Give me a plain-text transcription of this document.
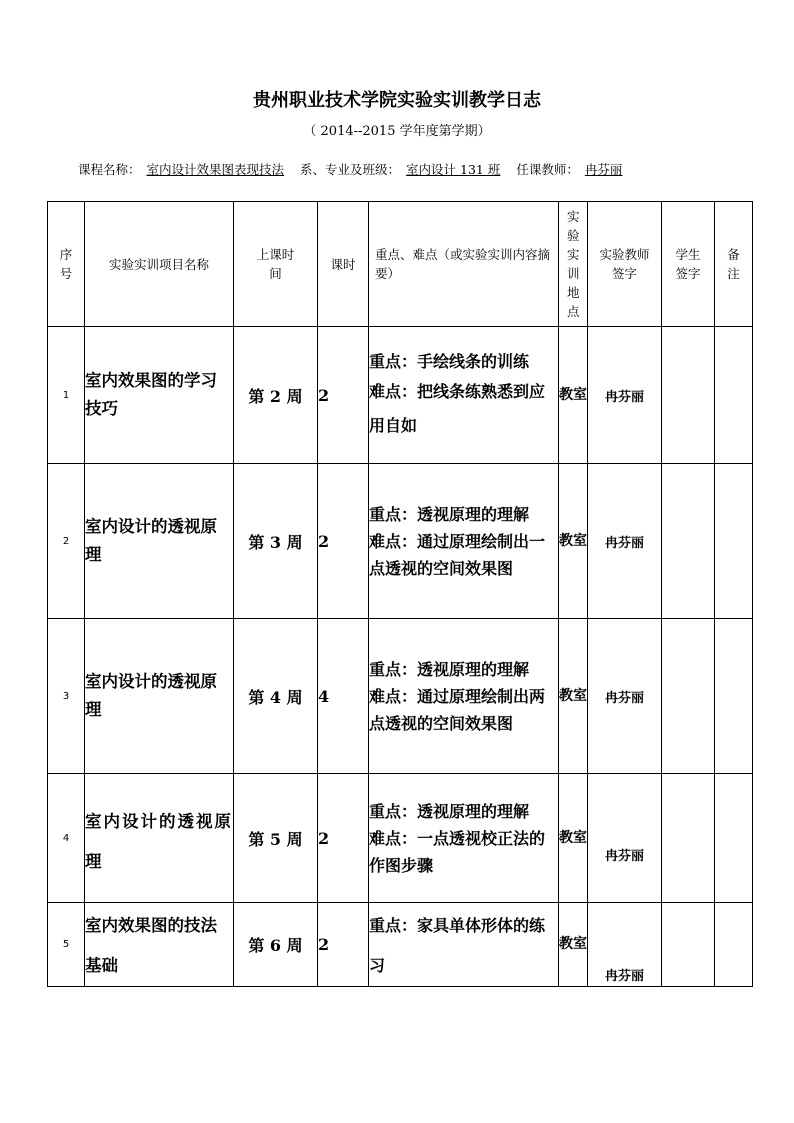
贵州职业技术学院实验实训教学日志
（ 2014--2015 学年度第学期）
课程名称： 室内设计效果图表现技法 系、专业及班级： 室内设计 131 班 任课教师： 冉芬丽
序号	实验实训项目名称	上课时间	课时	重点、难点（或实验实训内容摘要）	实验实训地点	实验教师签字	学生签字	备注
1	室内效果图的学习技巧	第 2 周	2	重点：手绘线条的训练
难点：把线条练熟悉到应用自如	教室	冉芬丽		
2	室内设计的透视原理	第 3 周	2	重点：透视原理的理解
难点：通过原理绘制出一点透视的空间效果图	教室	冉芬丽		
3	室内设计的透视原理	第 4 周	4	重点：透视原理的理解
难点：通过原理绘制出两点透视的空间效果图	教室	冉芬丽		
4	室内设计的透视原理	第 5 周	2	重点：透视原理的理解
难点：一点透视校正法的作图步骤	教室	冉芬丽		
5	室内效果图的技法基础	第 6 周	2	重点：家具单体形体的练习	教室	冉芬丽		
